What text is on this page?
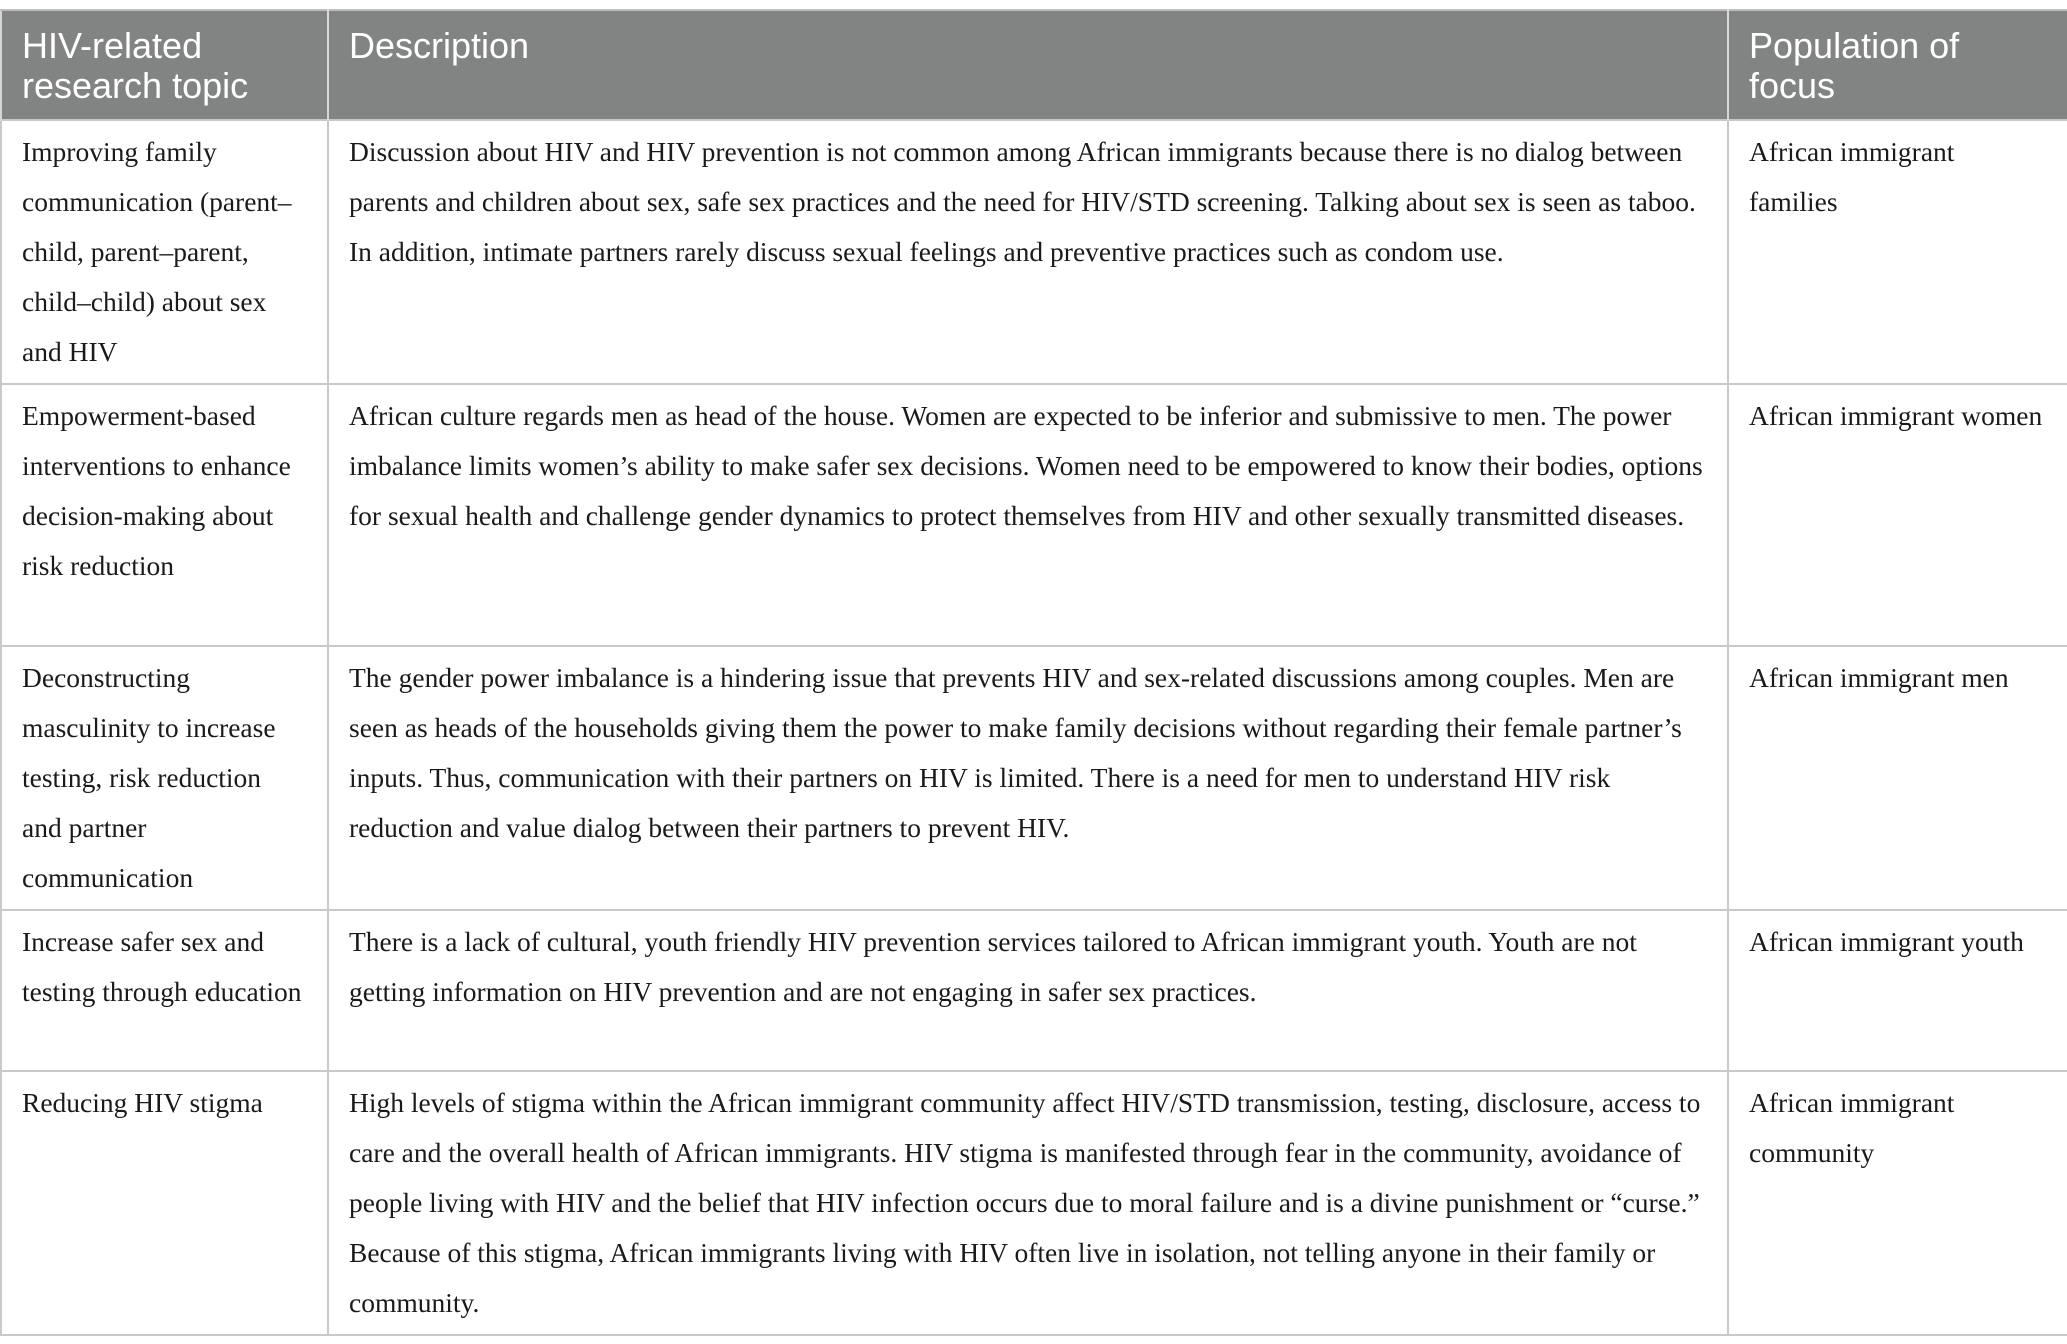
HIV-related research topic	Description	Population of focus
Improving family communication (parent–child, parent–parent, child–child) about sex and HIV	Discussion about HIV and HIV prevention is not common among African immigrants because there is no dialog between parents and children about sex, safe sex practices and the need for HIV/STD screening. Talking about sex is seen as taboo. In addition, intimate partners rarely discuss sexual feelings and preventive practices such as condom use.	African immigrant families
Empowerment-based interventions to enhance decision-making about risk reduction	African culture regards men as head of the house. Women are expected to be inferior and submissive to men. The power imbalance limits women’s ability to make safer sex decisions. Women need to be empowered to know their bodies, options for sexual health and challenge gender dynamics to protect themselves from HIV and other sexually transmitted diseases.	African immigrant women
Deconstructing masculinity to increase testing, risk reduction and partner communication	The gender power imbalance is a hindering issue that prevents HIV and sex-related discussions among couples. Men are seen as heads of the households giving them the power to make family decisions without regarding their female partner’s inputs. Thus, communication with their partners on HIV is limited. There is a need for men to understand HIV risk reduction and value dialog between their partners to prevent HIV.	African immigrant men
Increase safer sex and testing through education	There is a lack of cultural, youth friendly HIV prevention services tailored to African immigrant youth. Youth are not getting information on HIV prevention and are not engaging in safer sex practices.	African immigrant youth
Reducing HIV stigma	High levels of stigma within the African immigrant community affect HIV/STD transmission, testing, disclosure, access to care and the overall health of African immigrants. HIV stigma is manifested through fear in the community, avoidance of people living with HIV and the belief that HIV infection occurs due to moral failure and is a divine punishment or “curse.” Because of this stigma, African immigrants living with HIV often live in isolation, not telling anyone in their family or community.	African immigrant community
